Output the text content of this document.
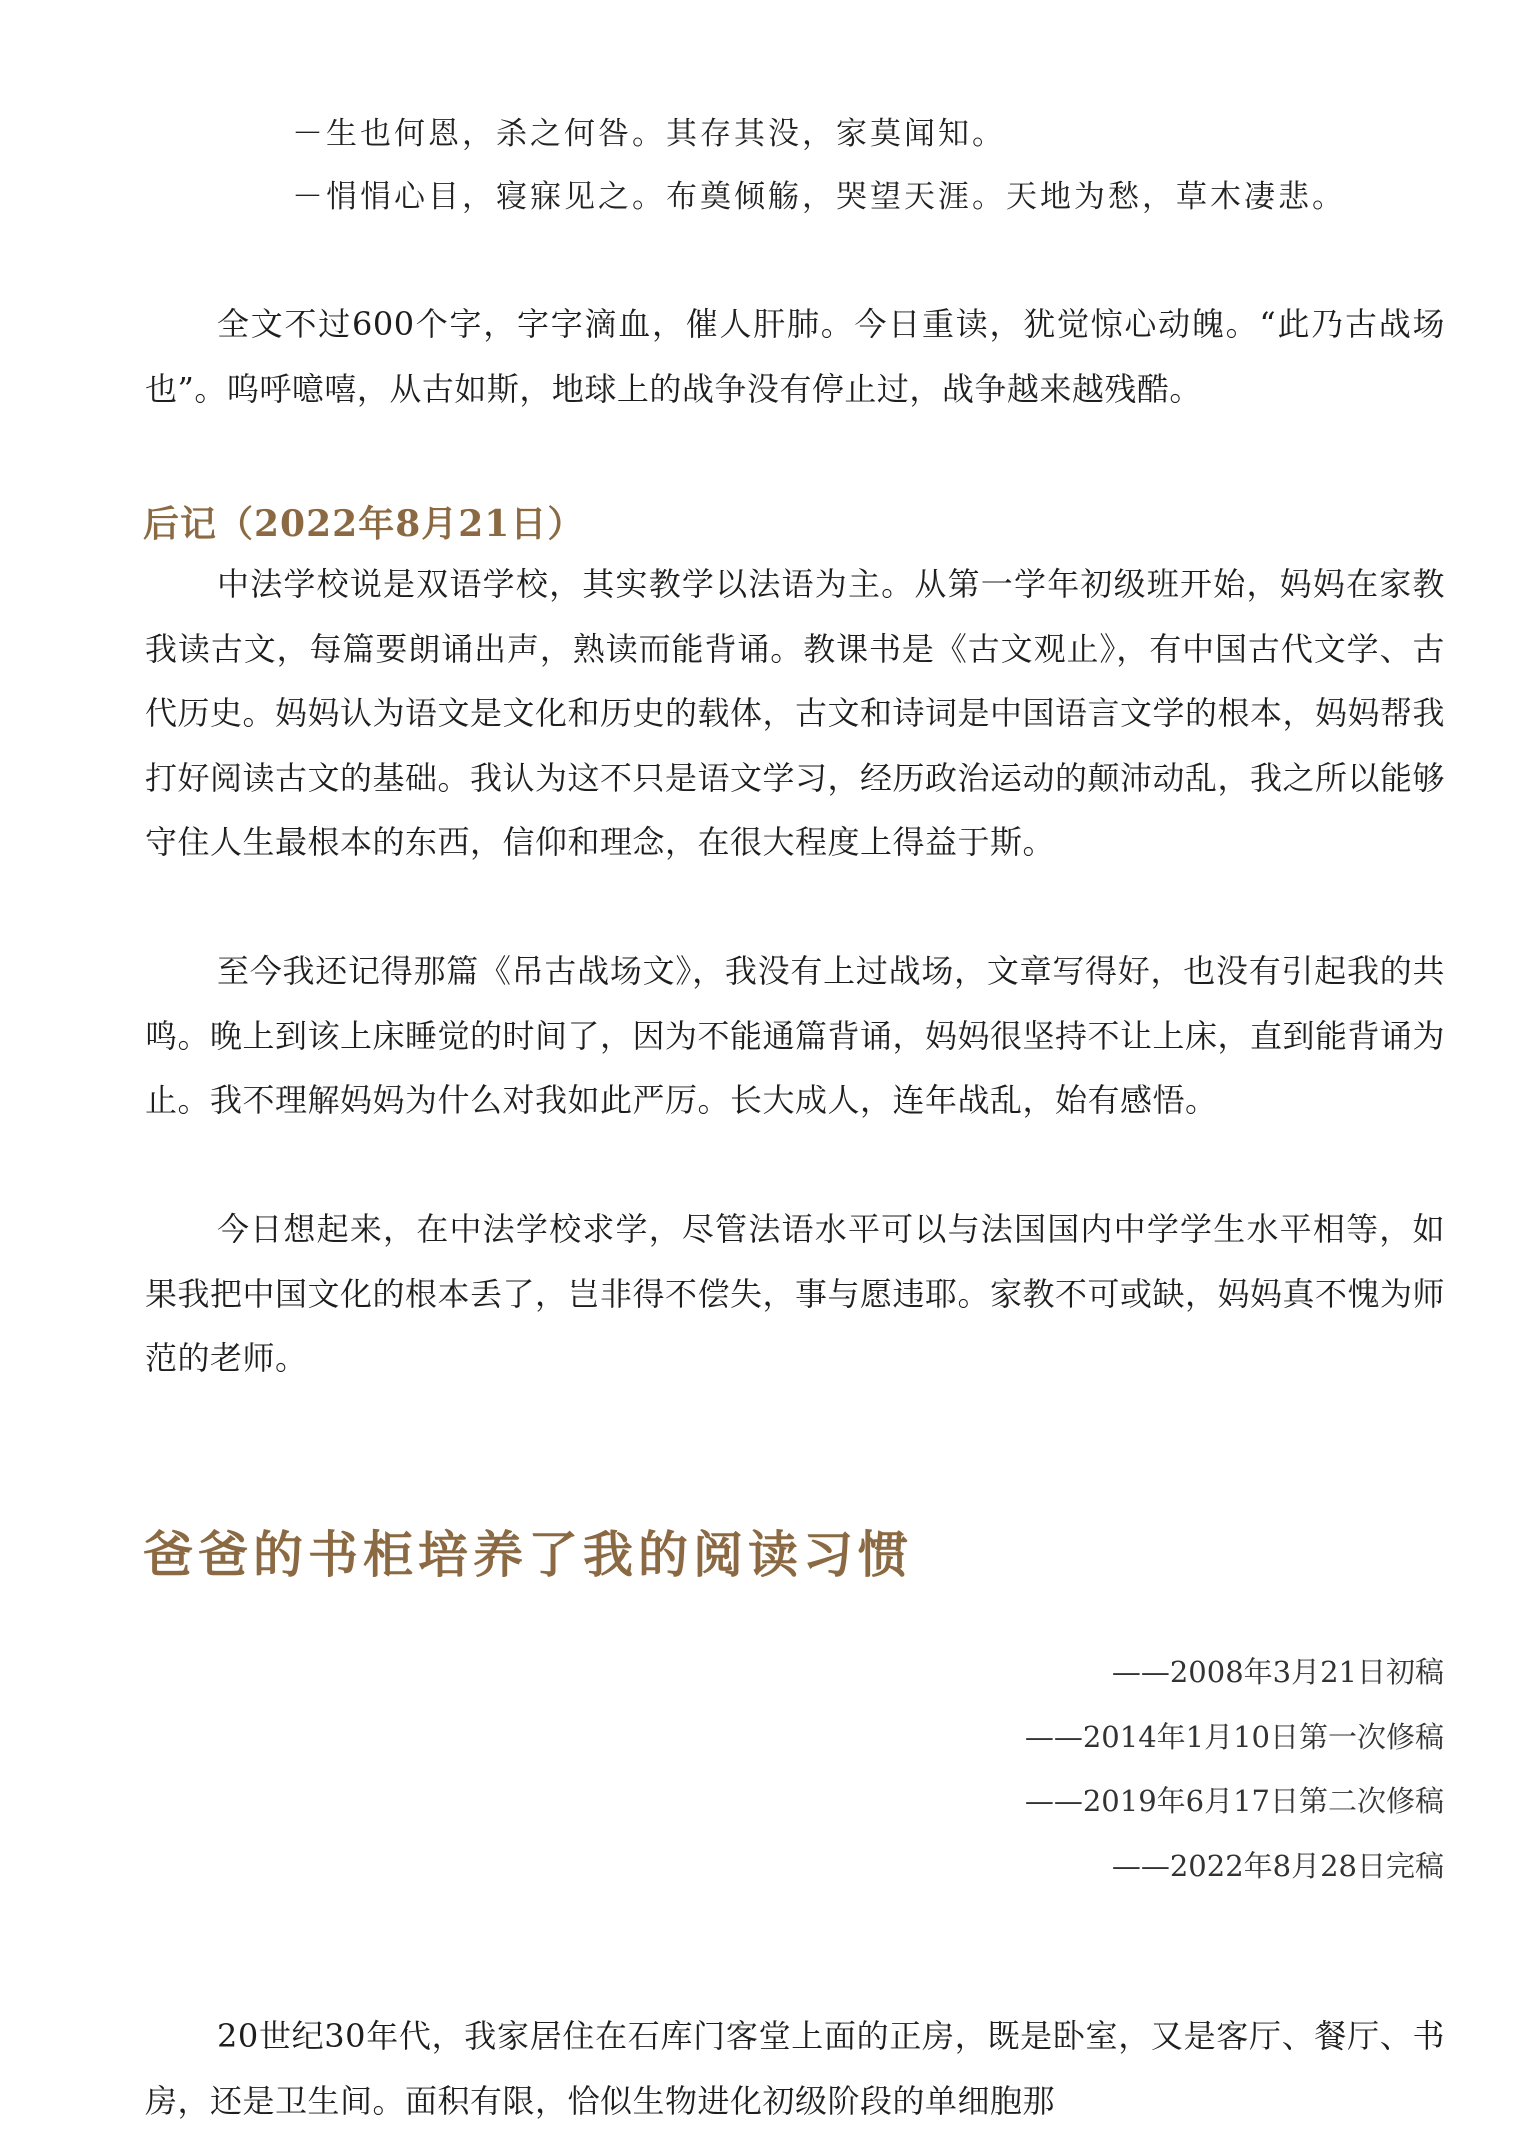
－生也何恩，杀之何咎。其存其没，家莫闻知。
－悁悁心目，寝寐见之。布奠倾觞，哭望天涯。天地为愁，草木凄悲。

全文不过600个字，字字滴血，催人肝肺。今日重读，犹觉惊心动魄。“此乃古战场也”。呜呼噫嘻，从古如斯，地球上的战争没有停止过，战争越来越残酷。

后记（2022年8月21日）

中法学校说是双语学校，其实教学以法语为主。从第一学年初级班开始，妈妈在家教我读古文，每篇要朗诵出声，熟读而能背诵。教课书是《古文观止》，有中国古代文学、古代历史。妈妈认为语文是文化和历史的载体，古文和诗词是中国语言文学的根本，妈妈帮我打好阅读古文的基础。我认为这不只是语文学习，经历政治运动的颠沛动乱，我之所以能够守住人生最根本的东西，信仰和理念，在很大程度上得益于斯。

至今我还记得那篇《吊古战场文》，我没有上过战场，文章写得好，也没有引起我的共鸣。晚上到该上床睡觉的时间了，因为不能通篇背诵，妈妈很坚持不让上床，直到能背诵为止。我不理解妈妈为什么对我如此严厉。长大成人，连年战乱，始有感悟。

今日想起来，在中法学校求学，尽管法语水平可以与法国国内中学学生水平相等，如果我把中国文化的根本丢了，岂非得不偿失，事与愿违耶。家教不可或缺，妈妈真不愧为师范的老师。

爸爸的书柜培养了我的阅读习惯
——2008年3月21日初稿
——2014年1月10日第一次修稿
——2019年6月17日第二次修稿
——2022年8月28日完稿

20世纪30年代，我家居住在石库门客堂上面的正房，既是卧室，又是客厅、餐厅、书房，还是卫生间。面积有限，恰似生物进化初级阶段的单细胞那
